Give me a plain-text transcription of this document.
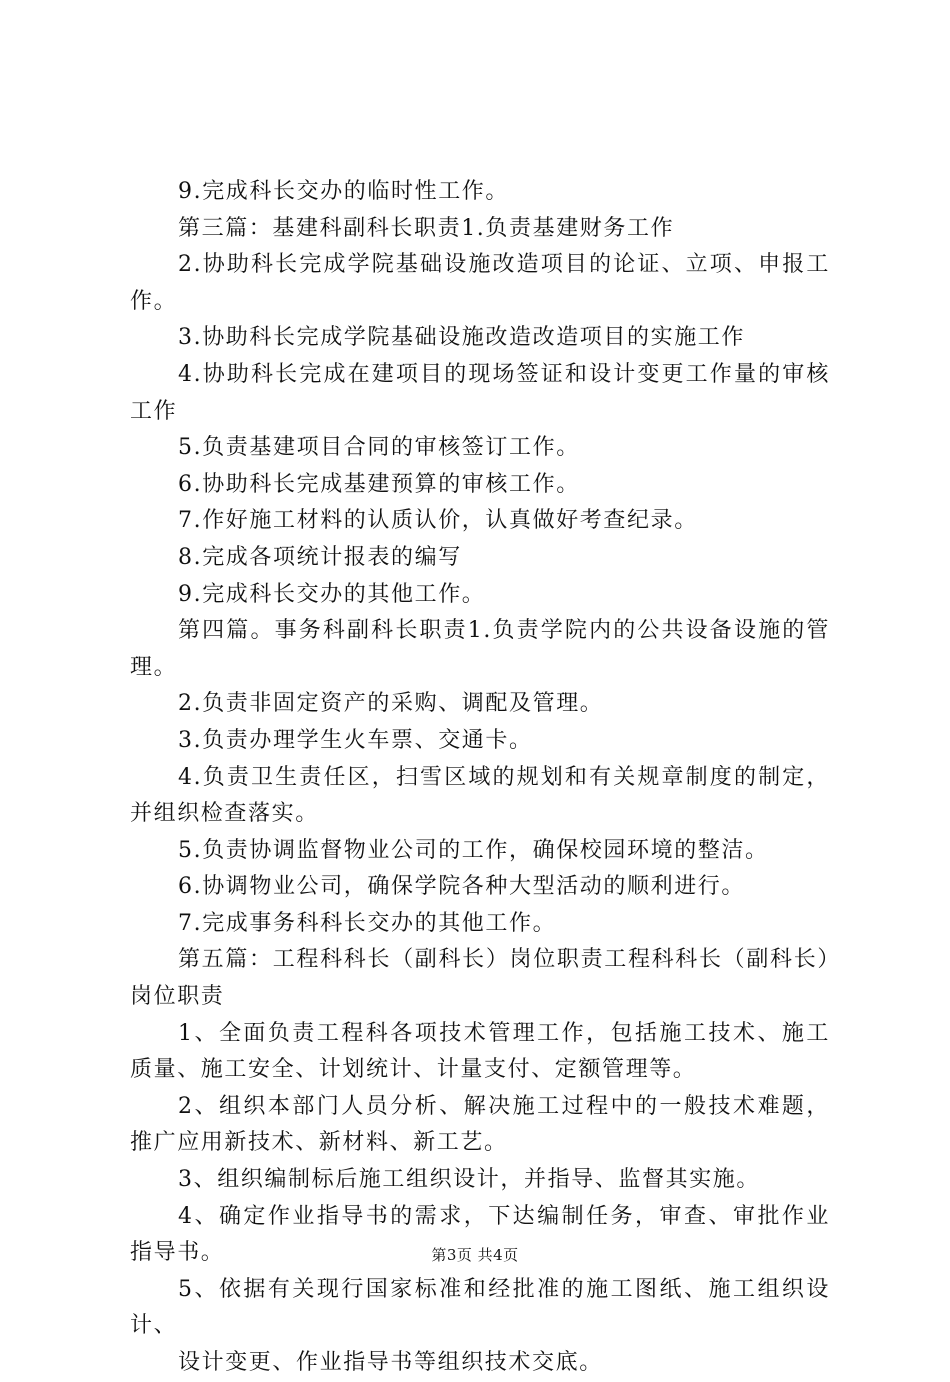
9.完成科长交办的临时性工作。

第三篇：基建科副科长职责1.负责基建财务工作

2.协助科长完成学院基础设施改造项目的论证、立项、申报工作。

3.协助科长完成学院基础设施改造改造项目的实施工作

4.协助科长完成在建项目的现场签证和设计变更工作量的审核工作

5.负责基建项目合同的审核签订工作。

6.协助科长完成基建预算的审核工作。

7.作好施工材料的认质认价，认真做好考查纪录。

8.完成各项统计报表的编写

9.完成科长交办的其他工作。

第四篇。事务科副科长职责1.负责学院内的公共设备设施的管理。

2.负责非固定资产的采购、调配及管理。

3.负责办理学生火车票、交通卡。

4.负责卫生责任区，扫雪区域的规划和有关规章制度的制定，并组织检查落实。

5.负责协调监督物业公司的工作，确保校园环境的整洁。

6.协调物业公司，确保学院各种大型活动的顺利进行。

7.完成事务科科长交办的其他工作。

第五篇：工程科科长（副科长）岗位职责工程科科长（副科长）岗位职责

1、全面负责工程科各项技术管理工作，包括施工技术、施工质量、施工安全、计划统计、计量支付、定额管理等。

2、组织本部门人员分析、解决施工过程中的一般技术难题，推广应用新技术、新材料、新工艺。

3、组织编制标后施工组织设计，并指导、监督其实施。

4、确定作业指导书的需求，下达编制任务，审查、审批作业指导书。

5、依据有关现行国家标准和经批准的施工图纸、施工组织设计、

设计变更、作业指导书等组织技术交底。

第3页 共4页
